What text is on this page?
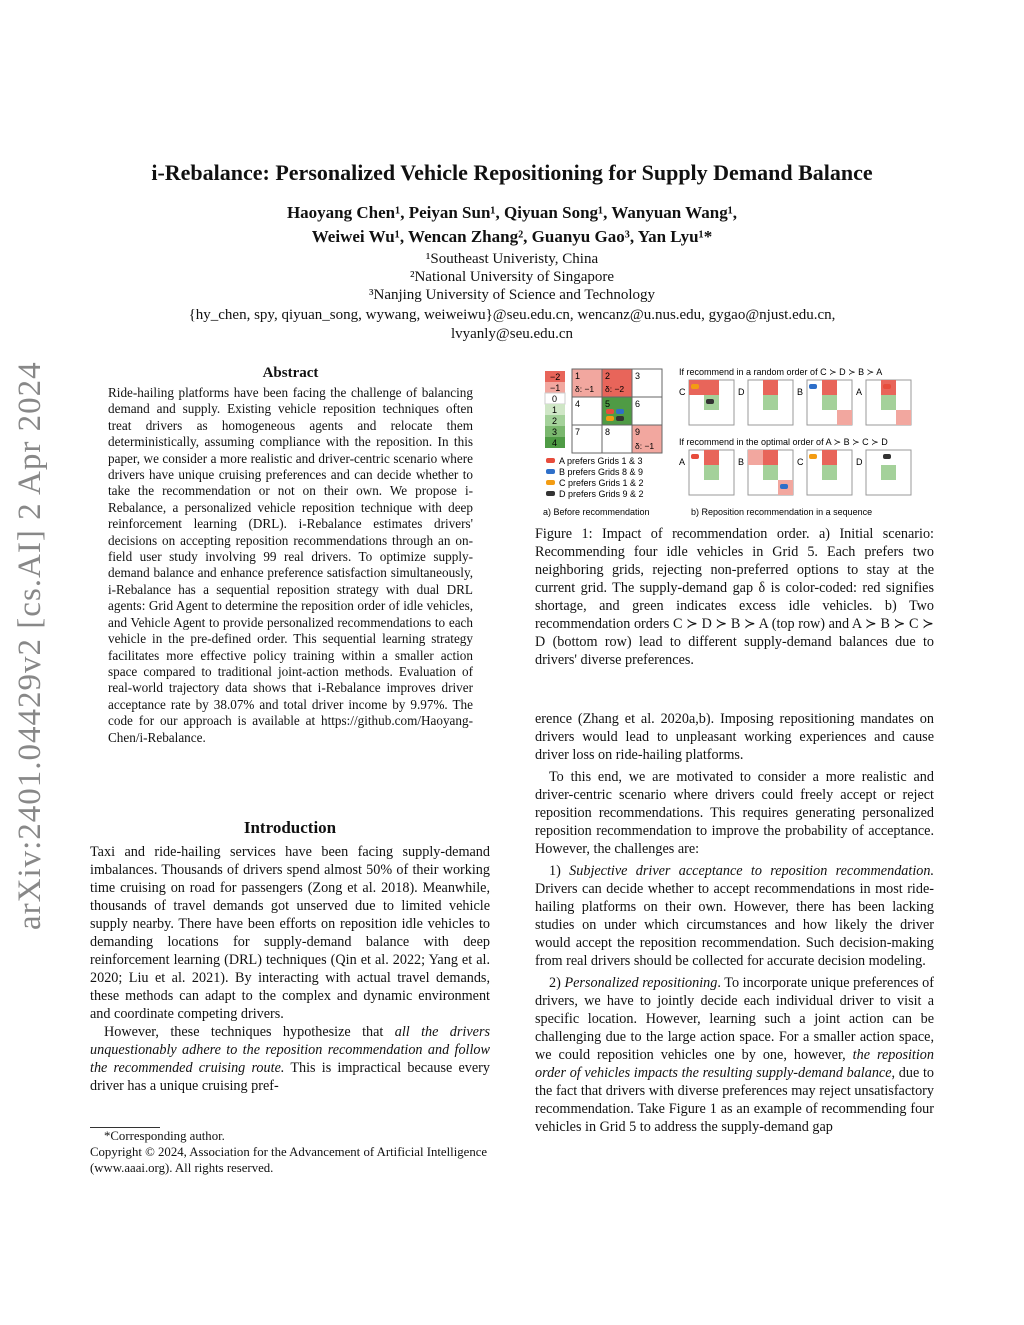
arXiv:2401.04429v2 [cs.AI] 2 Apr 2024
i-Rebalance: Personalized Vehicle Repositioning for Supply Demand Balance
Haoyang Chen¹, Peiyan Sun¹, Qiyuan Song¹, Wanyuan Wang¹,
Weiwei Wu¹, Wencan Zhang², Guanyu Gao³, Yan Lyu¹*
¹Southeast Univeristy, China
²National University of Singapore
³Nanjing University of Science and Technology
{hy_chen, spy, qiyuan_song, wywang, weiweiwu}@seu.edu.cn, wencanz@u.nus.edu, gygao@njust.edu.cn,
lvyanly@seu.edu.cn
Abstract
Ride-hailing platforms have been facing the challenge of balancing demand and supply. Existing vehicle reposition techniques often treat drivers as homogeneous agents and relocate them deterministically, assuming compliance with the reposition. In this paper, we consider a more realistic and driver-centric scenario where drivers have unique cruising preferences and can decide whether to take the recommendation or not on their own. We propose i-Rebalance, a personalized vehicle reposition technique with deep reinforcement learning (DRL). i-Rebalance estimates drivers' decisions on accepting reposition recommendations through an on-field user study involving 99 real drivers. To optimize supply-demand balance and enhance preference satisfaction simultaneously, i-Rebalance has a sequential reposition strategy with dual DRL agents: Grid Agent to determine the reposition order of idle vehicles, and Vehicle Agent to provide personalized recommendations to each vehicle in the pre-defined order. This sequential learning strategy facilitates more effective policy training within a smaller action space compared to traditional joint-action methods. Evaluation of real-world trajectory data shows that i-Rebalance improves driver acceptance rate by 38.07% and total driver income by 9.97%. The code for our approach is available at https://github.com/Haoyang-Chen/i-Rebalance.
Introduction

Taxi and ride-hailing services have been facing supply-demand imbalances. Thousands of drivers spend almost 50% of their working time cruising on road for passengers (Zong et al. 2018). Meanwhile, thousands of travel demands got unserved due to limited vehicle supply nearby. There have been efforts on reposition idle vehicles to demanding locations for supply-demand balance with deep reinforcement learning (DRL) techniques (Qin et al. 2022; Yang et al. 2020; Liu et al. 2021). By interacting with actual travel demands, these methods can adapt to the complex and dynamic environment and coordinate competing drivers.

However, these techniques hypothesize that all the drivers unquestionably adhere to the reposition recommendation and follow the recommended cruising route. This is impractical because every driver has a unique cruising pref-

*Corresponding author.
Copyright © 2024, Association for the Advancement of Artificial Intelligence (www.aaai.org). All rights reserved.
−2
−1
0
1
2
3
4
1	2	3
4	5	6
7	8	9
δ: −1 δ: −2
δ: −1
A prefers Grids 1 & 3
B prefers Grids 8 & 9
C prefers Grids 1 & 2
D prefers Grids 9 & 2
a) Before recommendation
If recommend in a random order of C ≻ D ≻ B ≻ A
C	D	B	A
If recommend in the optimal order of A ≻ B ≻ C ≻ D
A	B	C	D
b) Reposition recommendation in a sequence
Figure 1: Impact of recommendation order. a) Initial scenario: Recommending four idle vehicles in Grid 5. Each prefers two neighboring grids, rejecting non-preferred options to stay at the current grid. The supply-demand gap δ is color-coded: red signifies shortage, and green indicates excess idle vehicles. b) Two recommendation orders C ≻ D ≻ B ≻ A (top row) and A ≻ B ≻ C ≻ D (bottom row) lead to different supply-demand balances due to drivers' diverse preferences.

erence (Zhang et al. 2020a,b). Imposing repositioning mandates on drivers would lead to unpleasant working experiences and cause driver loss on ride-hailing platforms.

To this end, we are motivated to consider a more realistic and driver-centric scenario where drivers could freely accept or reject reposition recommendations. This requires generating personalized reposition recommendation to improve the probability of acceptance. However, the challenges are:

1) Subjective driver acceptance to reposition recommendation. Drivers can decide whether to accept recommendations in most ride-hailing platforms on their own. However, there has been lacking studies on under which circumstances and how likely the driver would accept the reposition recommendation. Such decision-making from real drivers should be collected for accurate decision modeling.

2) Personalized repositioning. To incorporate unique preferences of drivers, we have to jointly decide each individual driver to visit a specific location. However, learning such a joint action can be challenging due to the large action space. For a smaller action space, we could reposition vehicles one by one, however, the reposition order of vehicles impacts the resulting supply-demand balance, due to the fact that drivers with diverse preferences may reject unsatisfactory recommendation. Take Figure 1 as an example of recommending four vehicles in Grid 5 to address the supply-demand gap
